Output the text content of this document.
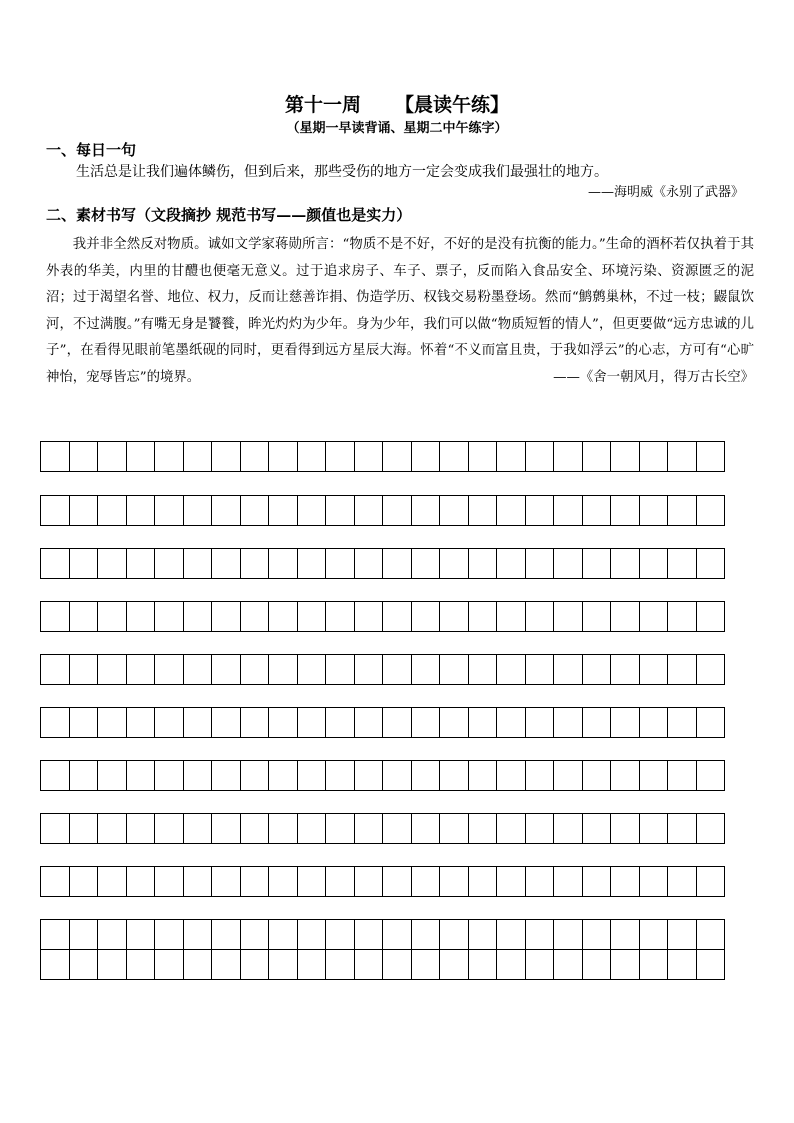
第十一周 【晨读午练】
（星期一早读背诵、星期二中午练字）
一、每日一句
生活总是让我们遍体鳞伤，但到后来，那些受伤的地方一定会变成我们最强壮的地方。
——海明威《永别了武器》
二、素材书写（文段摘抄 规范书写——颜值也是实力）
我并非全然反对物质。诚如文学家蒋勋所言：“物质不是不好，不好的是没有抗衡的能力。”生命的酒杯若仅执着于其外表的华美，内里的甘醴也便毫无意义。过于追求房子、车子、票子，反而陷入食品安全、环境污染、资源匮乏的泥沼；过于渴望名誉、地位、权力，反而让慈善诈捐、伪造学历、权钱交易粉墨登场。然而“鹪鹩巢林，不过一枝；鼹鼠饮河，不过满腹。”有嘴无身是饕餮，眸光灼灼为少年。身为少年，我们可以做“物质短暂的情人”，但更要做“远方忠诚的儿子”，在看得见眼前笔墨纸砚的同时，更看得到远方星辰大海。怀着“不义而富且贵，于我如浮云”的心志，方可有“心旷神怡，宠辱皆忘”的境界。	——《舍一朝风月，得万古长空》
